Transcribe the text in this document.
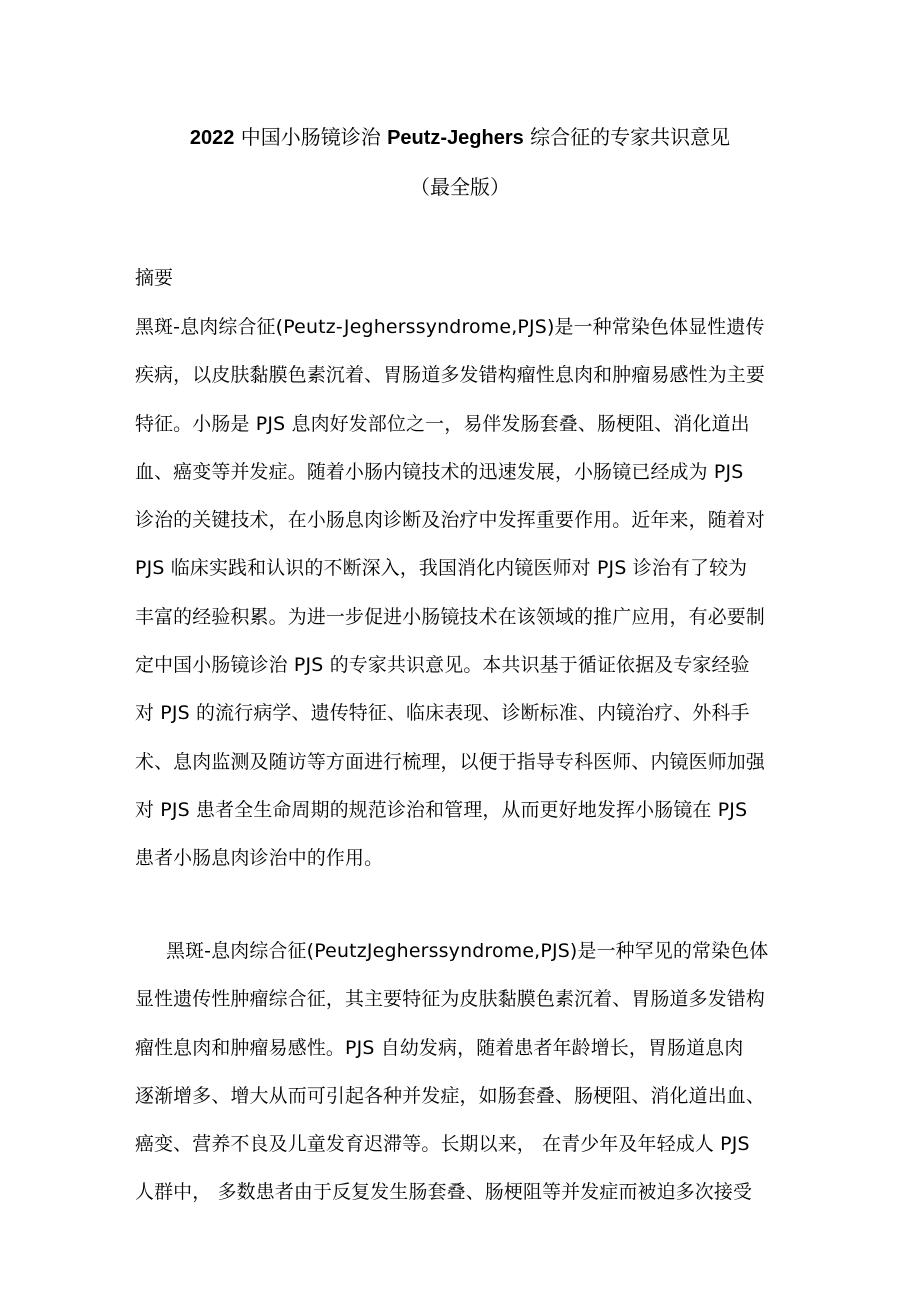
2022 中国小肠镜诊治 Peutz-Jeghers 综合征的专家共识意见
（最全版）
摘要
黑斑-息肉综合征(Peutz-Jegherssyndrome,PJS)是一种常染色体显性遗传
疾病，以皮肤黏膜色素沉着、胃肠道多发错构瘤性息肉和肿瘤易感性为主要
特征。小肠是 PJS 息肉好发部位之一，易伴发肠套叠、肠梗阻、消化道出
血、癌变等并发症。随着小肠内镜技术的迅速发展，小肠镜已经成为 PJS
诊治的关键技术，在小肠息肉诊断及治疗中发挥重要作用。近年来，随着对
PJS 临床实践和认识的不断深入，我国消化内镜医师对 PJS 诊治有了较为
丰富的经验积累。为进一步促进小肠镜技术在该领域的推广应用，有必要制
定中国小肠镜诊治 PJS 的专家共识意见。本共识基于循证依据及专家经验
对 PJS 的流行病学、遗传特征、临床表现、诊断标准、内镜治疗、外科手
术、息肉监测及随访等方面进行梳理，以便于指导专科医师、内镜医师加强
对 PJS 患者全生命周期的规范诊治和管理，从而更好地发挥小肠镜在 PJS
患者小肠息肉诊治中的作用。
黑斑-息肉综合征(PeutzJegherssyndrome,PJS)是一种罕见的常染色体
显性遗传性肿瘤综合征，其主要特征为皮肤黏膜色素沉着、胃肠道多发错构
瘤性息肉和肿瘤易感性。PJS 自幼发病，随着患者年龄增长，胃肠道息肉
逐渐增多、增大从而可引起各种并发症，如肠套叠、肠梗阻、消化道出血、
癌变、营养不良及儿童发育迟滞等。长期以来， 在青少年及年轻成人 PJS
人群中， 多数患者由于反复发生肠套叠、肠梗阻等并发症而被迫多次接受
